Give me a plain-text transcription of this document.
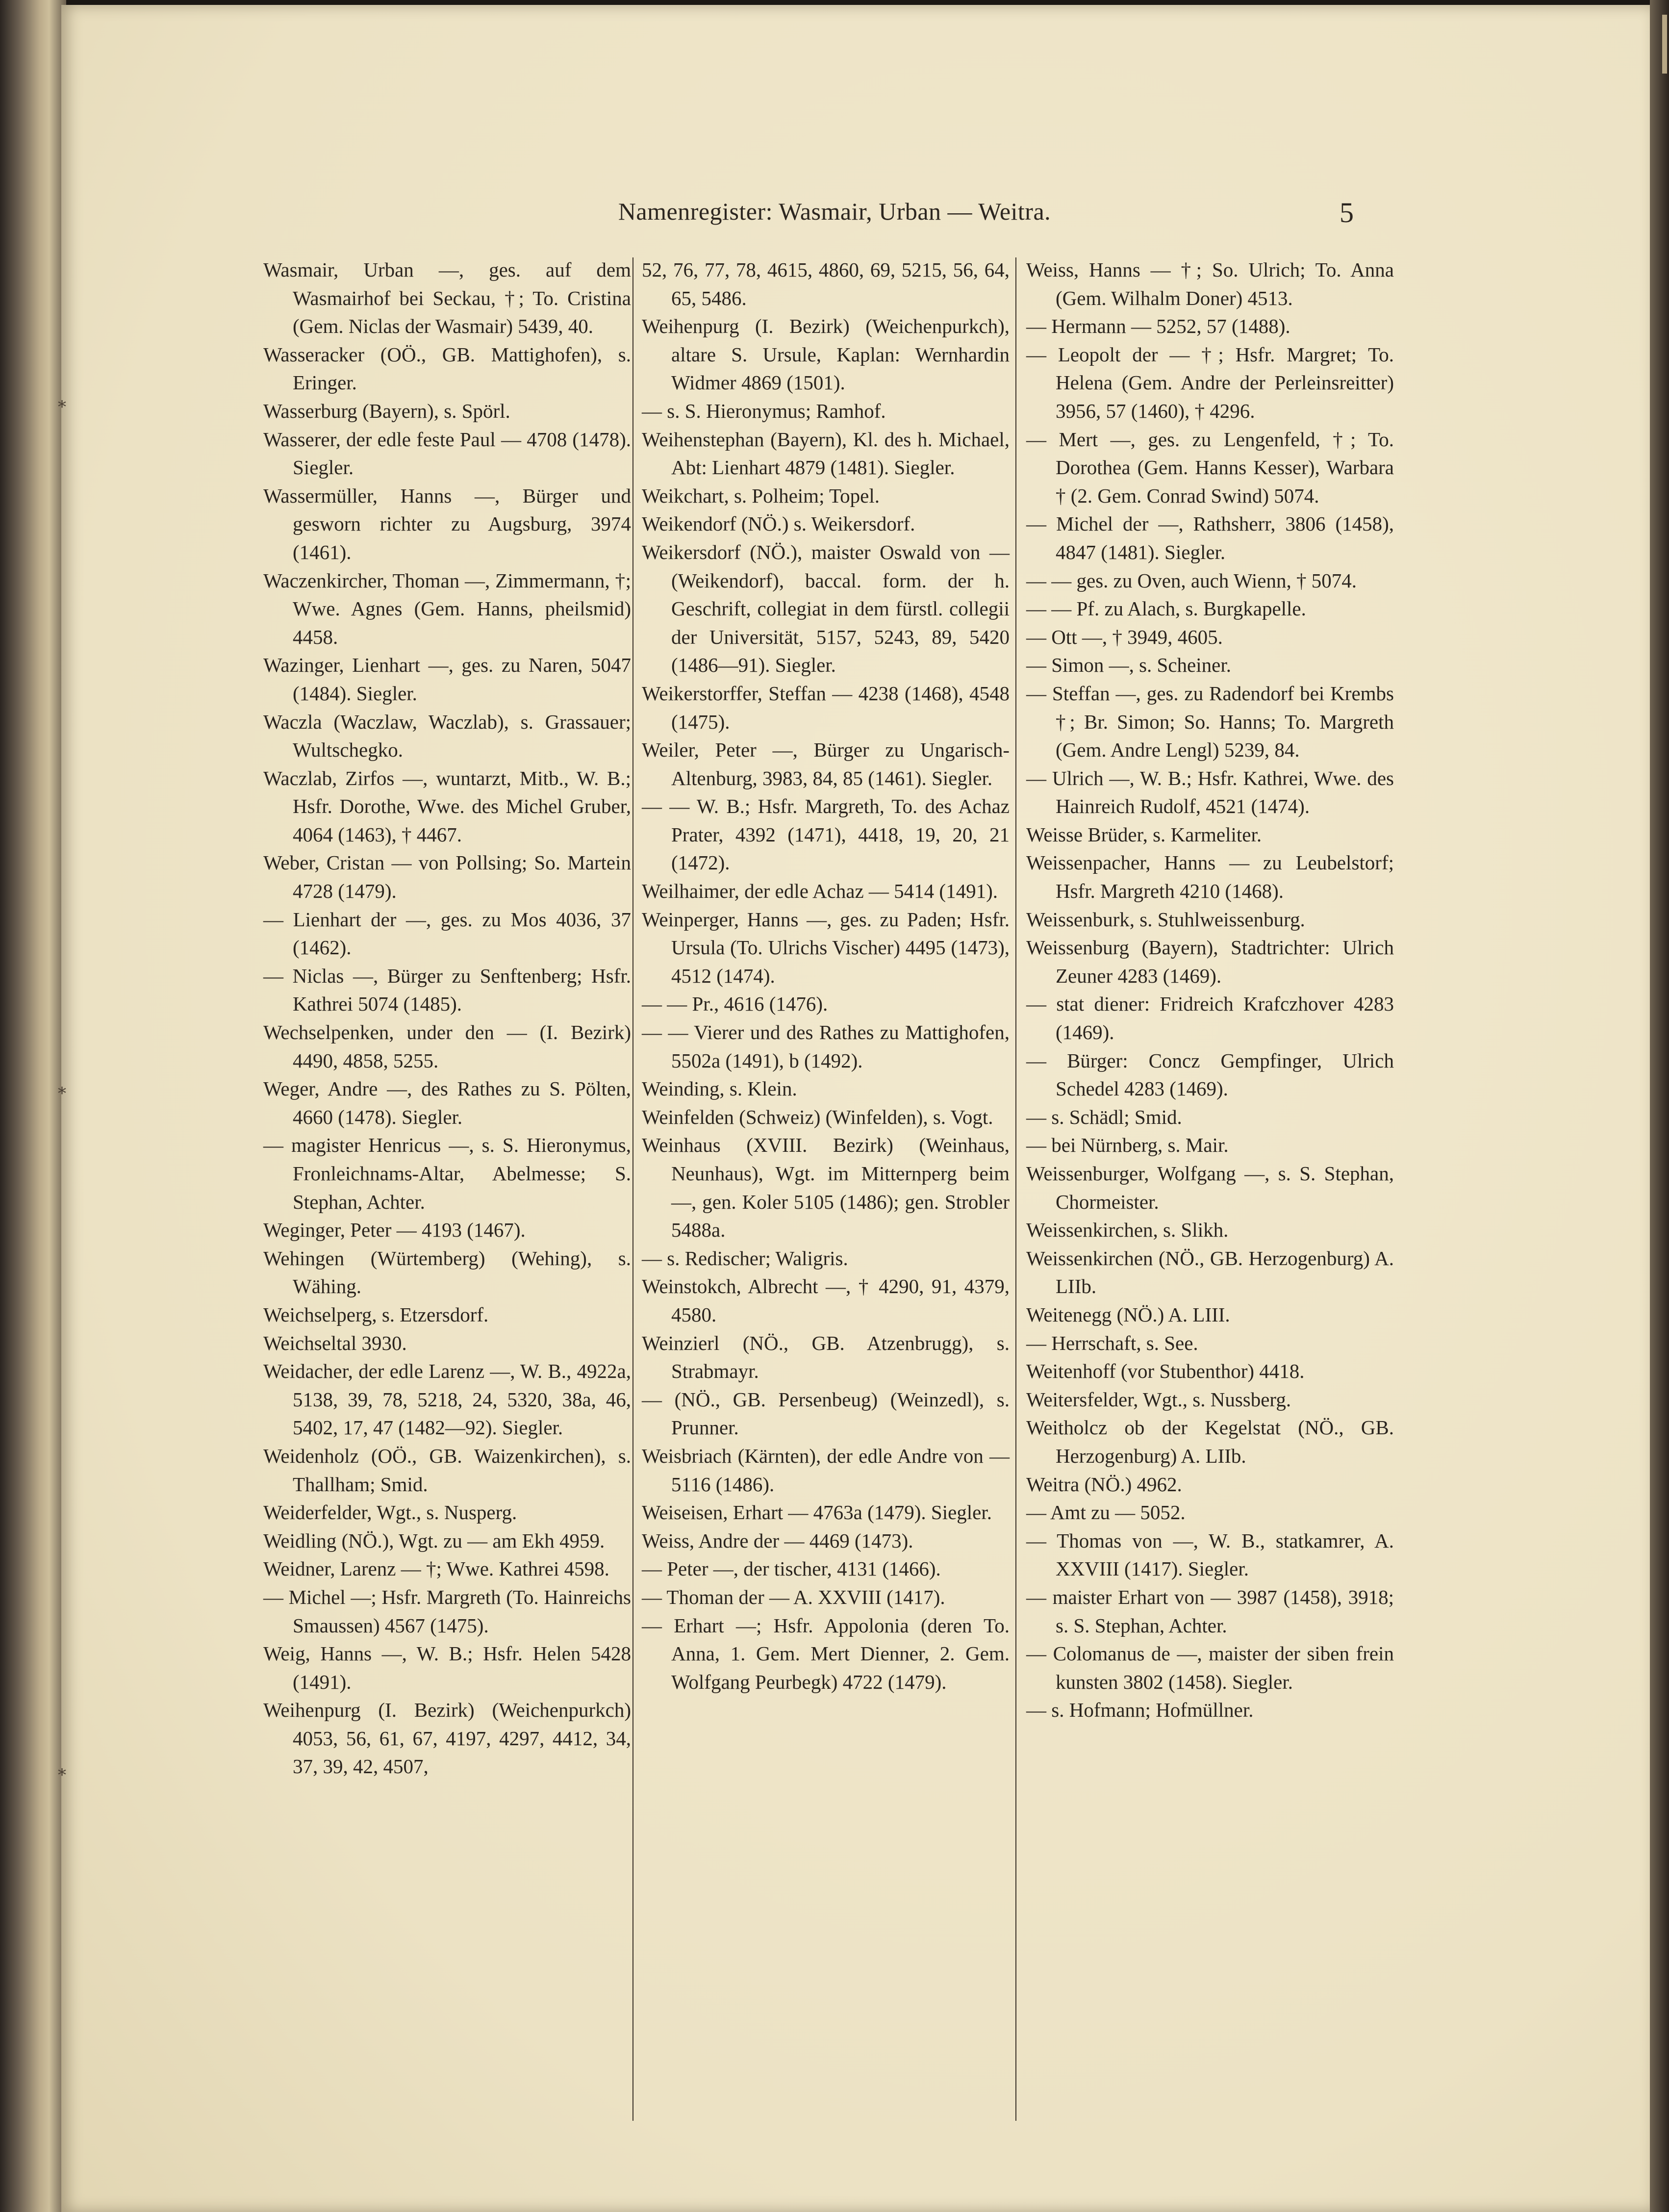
Namenregister: Wasmair, Urban — Weitra.	5
Wasmair, Urban —, ges. auf dem Wasmairhof bei Seckau, †; To. Cristina (Gem. Niclas der Wasmair) 5439, 40.
Wasseracker (OÖ., GB. Mattighofen), s. Eringer.
Wasserburg (Bayern), s. Spörl.
Wasserer, der edle feste Paul — 4708 (1478). Siegler.
Wassermüller, Hanns —, Bürger und gesworn richter zu Augsburg, 3974 (1461).
Waczenkircher, Thoman —, Zimmermann, †; Wwe. Agnes (Gem. Hanns, pheilsmid) 4458.
Wazinger, Lienhart —, ges. zu Naren, 5047 (1484). Siegler.
Waczla (Waczlaw, Waczlab), s. Grassauer; Wultschegko.
Waczlab, Zirfos —, wuntarzt, Mitb., W. B.; Hsfr. Dorothe, Wwe. des Michel Gruber, 4064 (1463), † 4467.
Weber, Cristan — von Pollsing; So. Martein 4728 (1479).
— Lienhart der —, ges. zu Mos 4036, 37 (1462).
— Niclas —, Bürger zu Senftenberg; Hsfr. Kathrei 5074 (1485).
Wechselpenken, under den — (I. Bezirk) 4490, 4858, 5255.
Weger, Andre —, des Rathes zu S. Pölten, 4660 (1478). Siegler.
— magister Henricus —, s. S. Hieronymus, Fronleichnams-Altar, Abelmesse; S. Stephan, Achter.
Weginger, Peter — 4193 (1467).
Wehingen (Würtemberg) (Wehing), s. Wähing.
Weichselperg, s. Etzersdorf.
Weichseltal 3930.
Weidacher, der edle Larenz —, W. B., 4922a, 5138, 39, 78, 5218, 24, 5320, 38a, 46, 5402, 17, 47 (1482—92). Siegler.
Weidenholz (OÖ., GB. Waizenkirchen), s. Thallham; Smid.
Weiderfelder, Wgt., s. Nusperg.
Weidling (NÖ.), Wgt. zu — am Ekh 4959.
Weidner, Larenz — †; Wwe. Kathrei 4598.
— Michel —; Hsfr. Margreth (To. Hainreichs Smaussen) 4567 (1475).
Weig, Hanns —, W. B.; Hsfr. Helen 5428 (1491).
Weihenpurg (I. Bezirk) (Weichenpurkch) 4053, 56, 61, 67, 4197, 4297, 4412, 34, 37, 39, 42, 4507,
52, 76, 77, 78, 4615, 4860, 69, 5215, 56, 64, 65, 5486.
Weihenpurg (I. Bezirk) (Weichenpurkch), altare S. Ursule, Kaplan: Wernhardin Widmer 4869 (1501).
— s. S. Hieronymus; Ramhof.
Weihenstephan (Bayern), Kl. des h. Michael, Abt: Lienhart 4879 (1481). Siegler.
Weikchart, s. Polheim; Topel.
Weikendorf (NÖ.) s. Weikersdorf.
Weikersdorf (NÖ.), maister Oswald von — (Weikendorf), baccal. form. der h. Geschrift, collegiat in dem fürstl. collegii der Universität, 5157, 5243, 89, 5420 (1486—91). Siegler.
Weikerstorffer, Steffan — 4238 (1468), 4548 (1475).
Weiler, Peter —, Bürger zu Ungarisch-Altenburg, 3983, 84, 85 (1461). Siegler.
— — W. B.; Hsfr. Margreth, To. des Achaz Prater, 4392 (1471), 4418, 19, 20, 21 (1472).
Weilhaimer, der edle Achaz — 5414 (1491).
Weinperger, Hanns —, ges. zu Paden; Hsfr. Ursula (To. Ulrichs Vischer) 4495 (1473), 4512 (1474).
— — Pr., 4616 (1476).
— — Vierer und des Rathes zu Mattighofen, 5502a (1491), b (1492).
Weinding, s. Klein.
Weinfelden (Schweiz) (Winfelden), s. Vogt.
Weinhaus (XVIII. Bezirk) (Weinhaus, Neunhaus), Wgt. im Mitternperg beim —, gen. Koler 5105 (1486); gen. Strobler 5488a.
— s. Redischer; Waligris.
Weinstokch, Albrecht —, † 4290, 91, 4379, 4580.
Weinzierl (NÖ., GB. Atzenbrugg), s. Strabmayr.
— (NÖ., GB. Persenbeug) (Weinzedl), s. Prunner.
Weisbriach (Kärnten), der edle Andre von — 5116 (1486).
Weiseisen, Erhart — 4763a (1479). Siegler.
Weiss, Andre der — 4469 (1473).
— Peter —, der tischer, 4131 (1466).
— Thoman der — A. XXVIII (1417).
— Erhart —; Hsfr. Appolonia (deren To. Anna, 1. Gem. Mert Dienner, 2. Gem. Wolfgang Peurbegk) 4722 (1479).
Weiss, Hanns — †; So. Ulrich; To. Anna (Gem. Wilhalm Doner) 4513.
— Hermann — 5252, 57 (1488).
— Leopolt der — †; Hsfr. Margret; To. Helena (Gem. Andre der Perleinsreitter) 3956, 57 (1460), † 4296.
— Mert —, ges. zu Lengenfeld, †; To. Dorothea (Gem. Hanns Kesser), Warbara † (2. Gem. Conrad Swind) 5074.
— Michel der —, Rathsherr, 3806 (1458), 4847 (1481). Siegler.
— — ges. zu Oven, auch Wienn, † 5074.
— — Pf. zu Alach, s. Burgkapelle.
— Ott —, † 3949, 4605.
— Simon —, s. Scheiner.
— Steffan —, ges. zu Radendorf bei Krembs †; Br. Simon; So. Hanns; To. Margreth (Gem. Andre Lengl) 5239, 84.
— Ulrich —, W. B.; Hsfr. Kathrei, Wwe. des Hainreich Rudolf, 4521 (1474).
Weisse Brüder, s. Karmeliter.
Weissenpacher, Hanns — zu Leubelstorf; Hsfr. Margreth 4210 (1468).
Weissenburk, s. Stuhlweissenburg.
Weissenburg (Bayern), Stadtrichter: Ulrich Zeuner 4283 (1469).
— stat diener: Fridreich Krafczhover 4283 (1469).
— Bürger: Concz Gempfinger, Ulrich Schedel 4283 (1469).
— s. Schädl; Smid.
— bei Nürnberg, s. Mair.
Weissenburger, Wolfgang —, s. S. Stephan, Chormeister.
Weissenkirchen, s. Slikh.
Weissenkirchen (NÖ., GB. Herzogenburg) A. LIIb.
Weitenegg (NÖ.) A. LIII.
— Herrschaft, s. See.
Weitenhoff (vor Stubenthor) 4418.
Weitersfelder, Wgt., s. Nussberg.
Weitholcz ob der Kegelstat (NÖ., GB. Herzogenburg) A. LIIb.
Weitra (NÖ.) 4962.
— Amt zu — 5052.
— Thomas von —, W. B., statkamrer, A. XXVIII (1417). Siegler.
— maister Erhart von — 3987 (1458), 3918; s. S. Stephan, Achter.
— Colomanus de —, maister der siben frein kunsten 3802 (1458). Siegler.
— s. Hofmann; Hofmüllner.
*
*
*
